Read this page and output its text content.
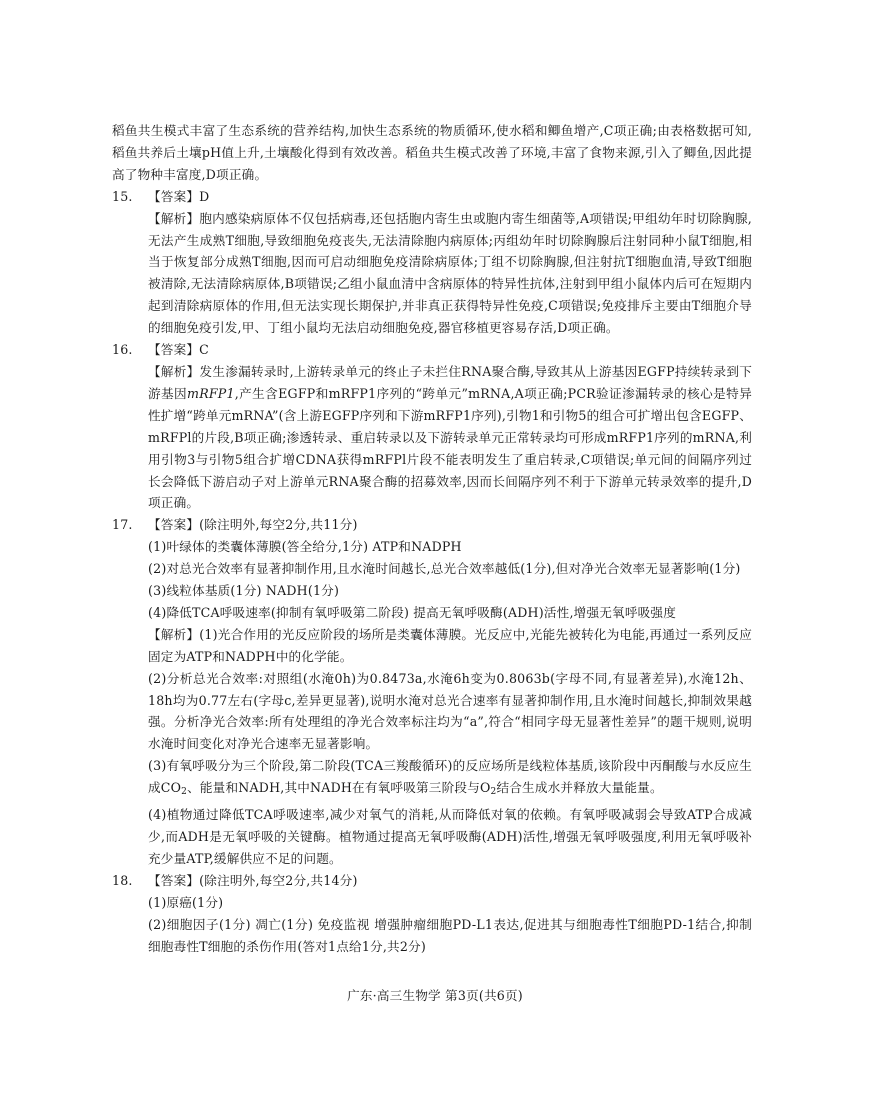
稻鱼共生模式丰富了生态系统的营养结构,加快生态系统的物质循环,使水稻和鲫鱼增产,C项正确;由表格数据可知,稻鱼共养后土壤pH值上升,土壤酸化得到有效改善。稻鱼共生模式改善了环境,丰富了食物来源,引入了鲫鱼,因此提高了物种丰富度,D项正确。

15. 【答案】D

【解析】胞内感染病原体不仅包括病毒,还包括胞内寄生虫或胞内寄生细菌等,A项错误;甲组幼年时切除胸腺,无法产生成熟T细胞,导致细胞免疫丧失,无法清除胞内病原体;丙组幼年时切除胸腺后注射同种小鼠T细胞,相当于恢复部分成熟T细胞,因而可启动细胞免疫清除病原体;丁组不切除胸腺,但注射抗T细胞血清,导致T细胞被清除,无法清除病原体,B项错误;乙组小鼠血清中含病原体的特异性抗体,注射到甲组小鼠体内后可在短期内起到清除病原体的作用,但无法实现长期保护,并非真正获得特异性免疫,C项错误;免疫排斥主要由T细胞介导的细胞免疫引发,甲、丁组小鼠均无法启动细胞免疫,器官移植更容易存活,D项正确。

16. 【答案】C

【解析】发生渗漏转录时,上游转录单元的终止子未拦住RNA聚合酶,导致其从上游基因EGFP持续转录到下游基因mRFP1,产生含EGFP和mRFP1序列的“跨单元”mRNA,A项正确;PCR验证渗漏转录的核心是特异性扩增“跨单元mRNA”(含上游EGFP序列和下游mRFP1序列),引物1和引物5的组合可扩增出包含EGFP、mRFPl的片段,B项正确;渗透转录、重启转录以及下游转录单元正常转录均可形成mRFP1序列的mRNA,利用引物3与引物5组合扩增CDNA获得mRFPl片段不能表明发生了重启转录,C项错误;单元间的间隔序列过长会降低下游启动子对上游单元RNA聚合酶的招募效率,因而长间隔序列不利于下游单元转录效率的提升,D项正确。

17. 【答案】(除注明外,每空2分,共11分)

(1)叶绿体的类囊体薄膜(答全给分,1分) ATP和NADPH

(2)对总光合效率有显著抑制作用,且水淹时间越长,总光合效率越低(1分),但对净光合效率无显著影响(1分)

(3)线粒体基质(1分) NADH(1分)

(4)降低TCA呼吸速率(抑制有氧呼吸第二阶段) 提高无氧呼吸酶(ADH)活性,增强无氧呼吸强度

【解析】(1)光合作用的光反应阶段的场所是类囊体薄膜。光反应中,光能先被转化为电能,再通过一系列反应固定为ATP和NADPH中的化学能。

(2)分析总光合效率:对照组(水淹0h)为0.8473a,水淹6h变为0.8063b(字母不同,有显著差异),水淹12h、18h均为0.77左右(字母c,差异更显著),说明水淹对总光合速率有显著抑制作用,且水淹时间越长,抑制效果越强。分析净光合效率:所有处理组的净光合效率标注均为“a”,符合“相同字母无显著性差异”的题干规则,说明水淹时间变化对净光合速率无显著影响。

(3)有氧呼吸分为三个阶段,第二阶段(TCA三羧酸循环)的反应场所是线粒体基质,该阶段中丙酮酸与水反应生成$CO_2$、能量和NADH,其中NADH在有氧呼吸第三阶段与$O_2$结合生成水并释放大量能量。

(4)植物通过降低TCA呼吸速率,减少对氧气的消耗,从而降低对氧的依赖。有氧呼吸减弱会导致ATP合成减少,而ADH是无氧呼吸的关键酶。植物通过提高无氧呼吸酶(ADH)活性,增强无氧呼吸强度,利用无氧呼吸补充少量ATP,缓解供应不足的问题。

18. 【答案】(除注明外,每空2分,共14分)

(1)原癌(1分)

(2)细胞因子(1分) 凋亡(1分) 免疫监视 增强肿瘤细胞PD-L1表达,促进其与细胞毒性T细胞PD-1结合,抑制细胞毒性T细胞的杀伤作用(答对1点给1分,共2分)

广东·高三生物学 第3页(共6页)
